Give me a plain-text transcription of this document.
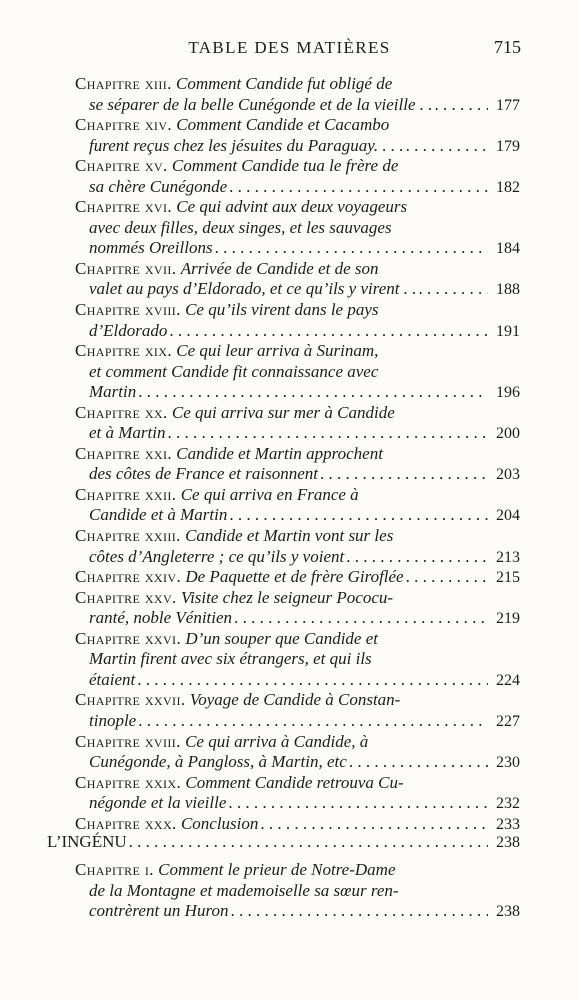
TABLE DES MATIÈRES	715
Chapitre xiii.
Comment Candide fut obligé de
se séparer de la belle Cunégonde et de la vieille . . . . .	177
Chapitre xiv.
Comment Candide et Cacambo
furent reçus chez les jésuites du Paraguay. . . . . . .	179
Chapitre xv.
Comment Candide tua le frère de
sa chère Cunégonde . . .	182
Chapitre xvi.
Ce qui advint aux deux voyageurs
avec deux filles, deux singes, et les sauvages
nommés Oreillons . . .	184
Chapitre xvii.
Arrivée de Candide et de son
valet au pays d’Eldorado, et ce qu’ils y virent . . . . .	188
Chapitre xviii.
Ce qu’ils virent dans le pays
d’Eldorado . . .	191
Chapitre xix.
Ce qui leur arriva à Surinam,
et comment Candide fit connaissance avec
Martin . . .	196
Chapitre xx.
Ce qui arriva sur mer à Candide
et à Martin . . .	200
Chapitre xxi.
Candide et Martin approchent
des côtes de France et raisonnent . . .	203
Chapitre xxii.
Ce qui arriva en France à
Candide et à Martin . . .	204
Chapitre xxiii.
Candide et Martin vont sur les
côtes d’Angleterre ; ce qu’ils y voient . . .	213
Chapitre xxiv.
De Paquette et de frère Giroflée . . .	215
Chapitre xxv.
Visite chez le seigneur Pococu-
ranté, noble Vénitien . . .	219
Chapitre xxvi.
D’un souper que Candide et
Martin firent avec six étrangers, et qui ils
étaient . . .	224
Chapitre xxvii.
Voyage de Candide à Constan-
tinople . . .	227
Chapitre xviii.
Ce qui arriva à Candide, à
Cunégonde, à Pangloss, à Martin, etc . . .	230
Chapitre xxix.
Comment Candide retrouva Cu-
négonde et la vieille . . .	232
Chapitre xxx.
Conclusion . . .	233
L’INGÉNU . . .	238
Chapitre i.
Comment le prieur de Notre-Dame
de la Montagne et mademoiselle sa sœur ren-
contrèrent un Huron . . .	238
